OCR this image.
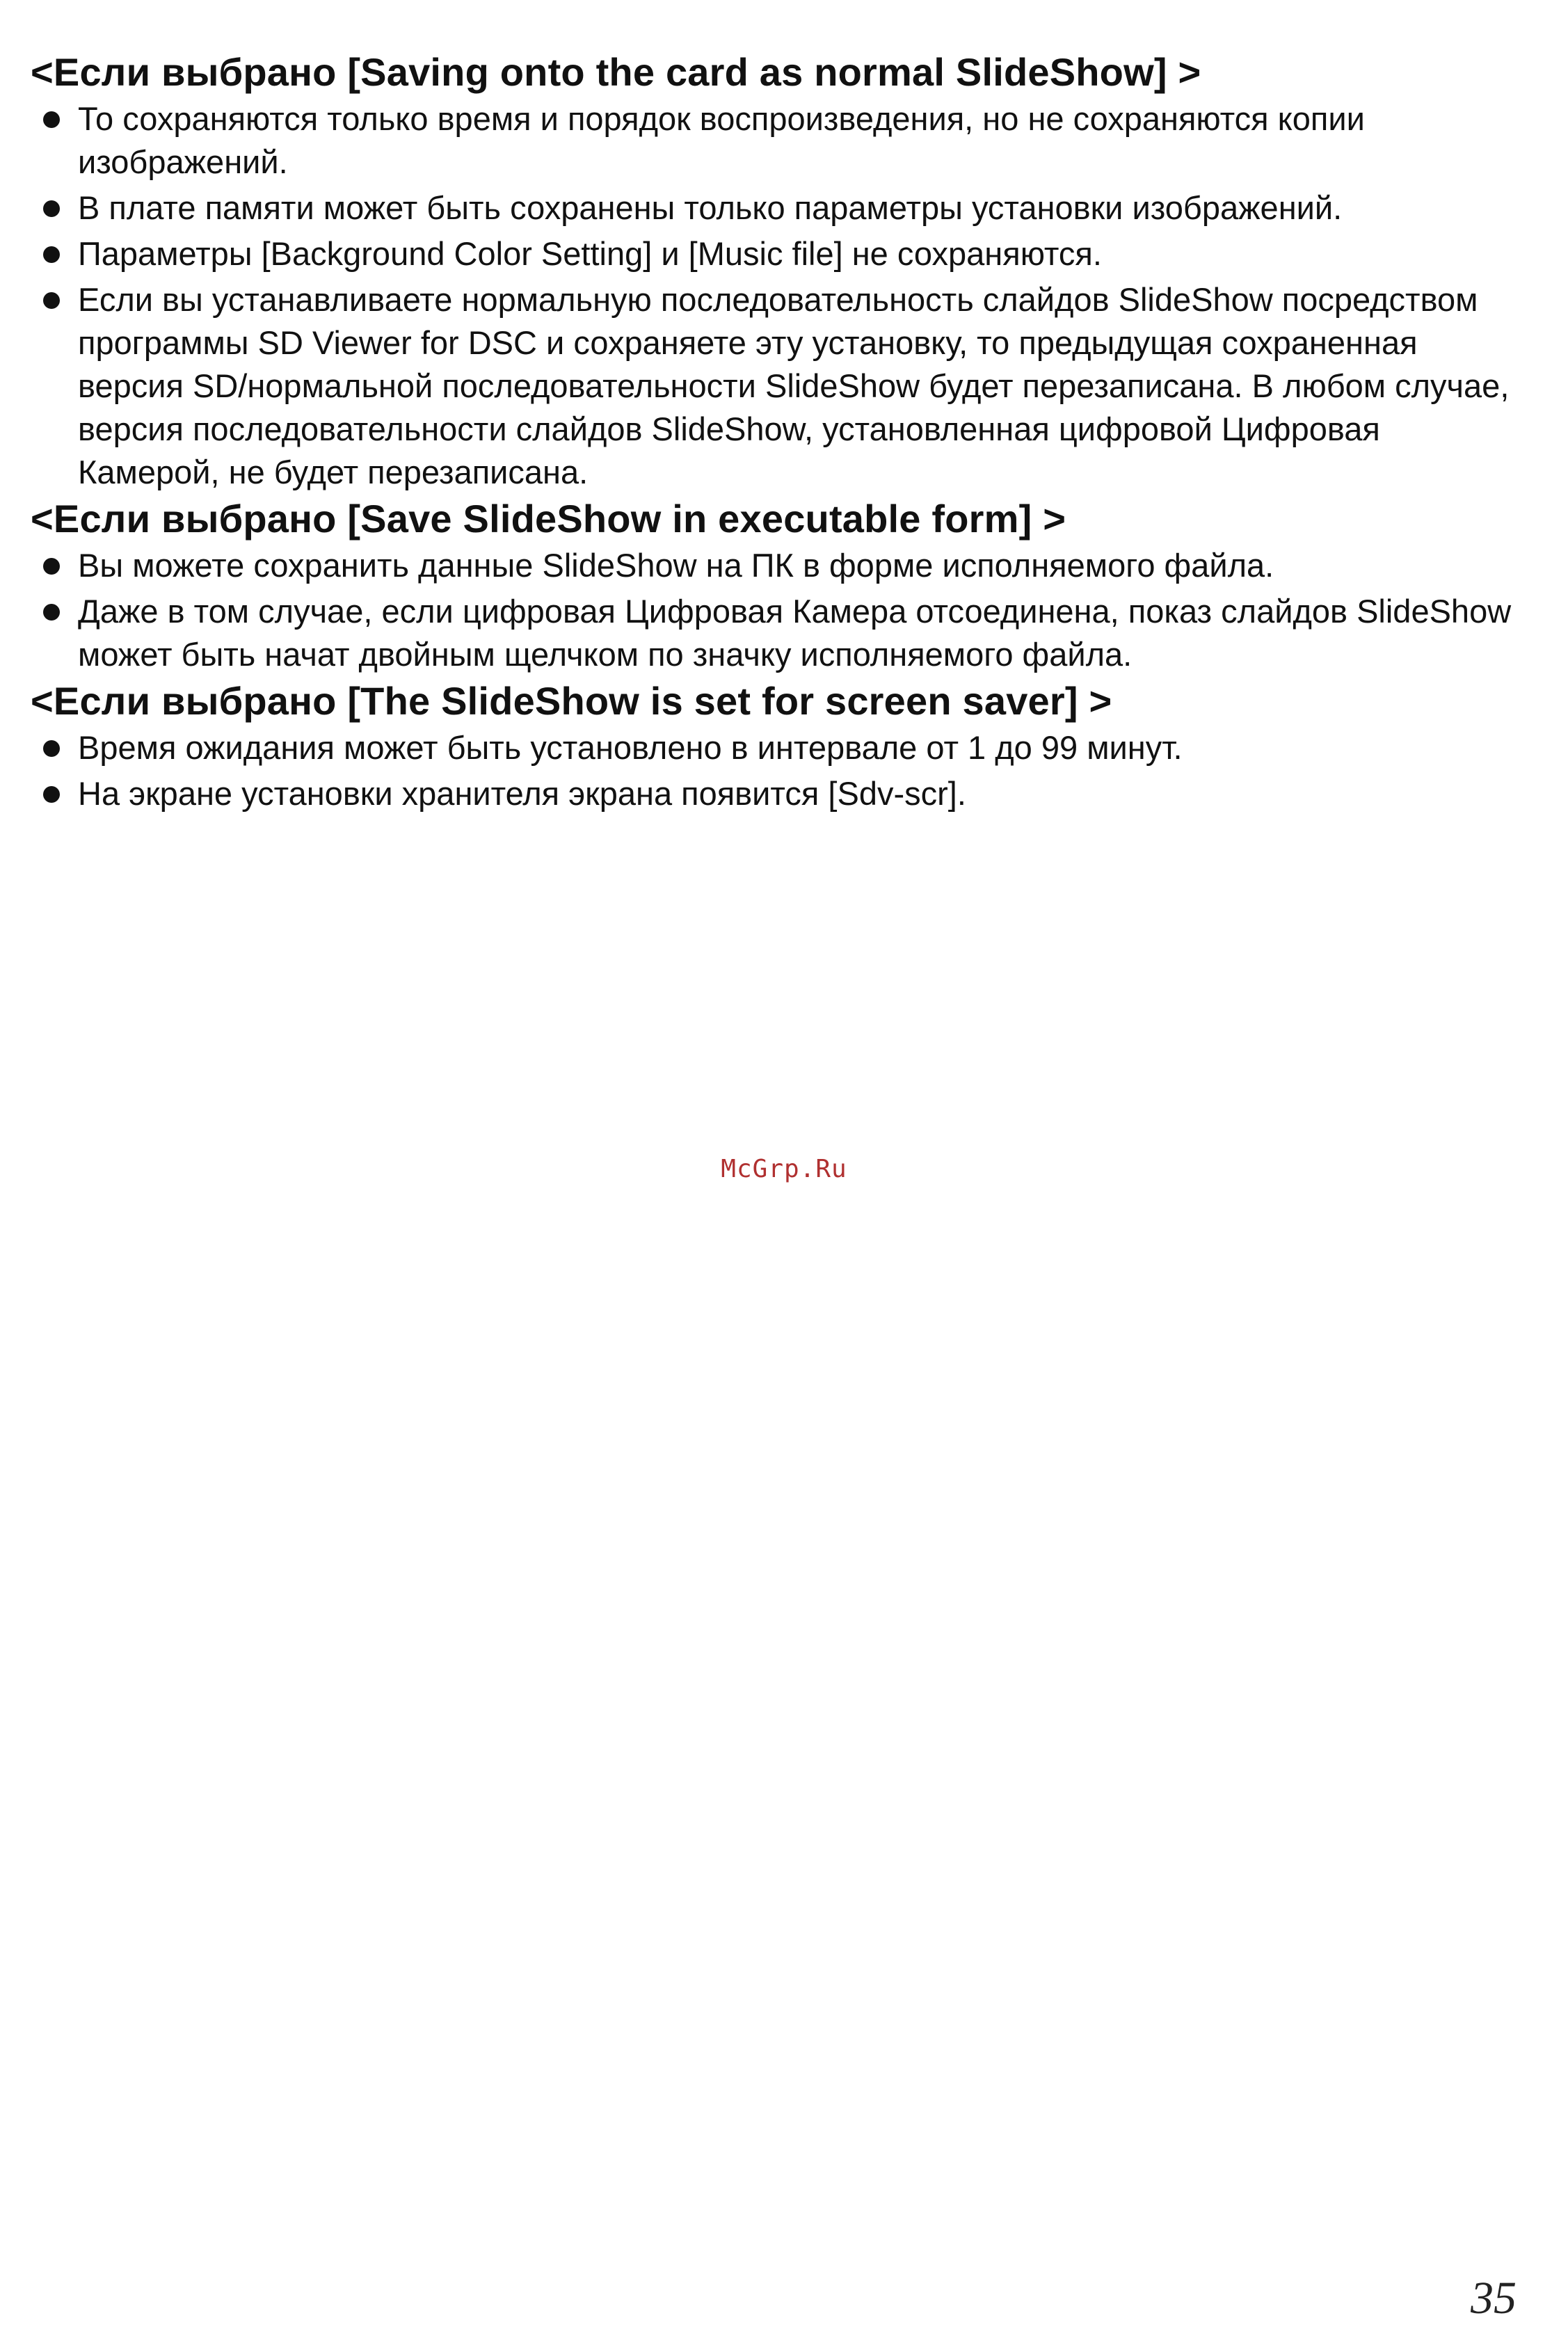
<Если выбрано [Saving onto the card as normal SlideShow] >
То сохраняются только время и порядок воспроизведения, но не сохраняются копии изображений.
В плате памяти может быть сохранены только параметры установки изображений.
Параметры [Background Color Setting] и [Music file] не сохраняются.
Если вы устанавливаете нормальную последовательность слайдов SlideShow посредством программы SD Viewer for DSC и сохраняете эту установку, то предыдущая сохраненная версия SD/нормальной последовательности SlideShow будет перезаписана. В любом случае, версия последовательности слайдов SlideShow, установленная цифровой Цифровая Камерой, не будет перезаписана.
<Если выбрано [Save SlideShow in executable form] >
Вы можете сохранить данные SlideShow на ПК в форме исполняемого файла.
Даже в том случае, если цифровая Цифровая Камера отсоединена, показ слайдов SlideShow может быть начат двойным щелчком по значку исполняемого файла.
<Если выбрано [The SlideShow is set for screen saver] >
Время ожидания может быть установлено в интервале от 1 до 99 минут.
На экране установки хранителя экрана появится [Sdv-scr].
McGrp.Ru
35
